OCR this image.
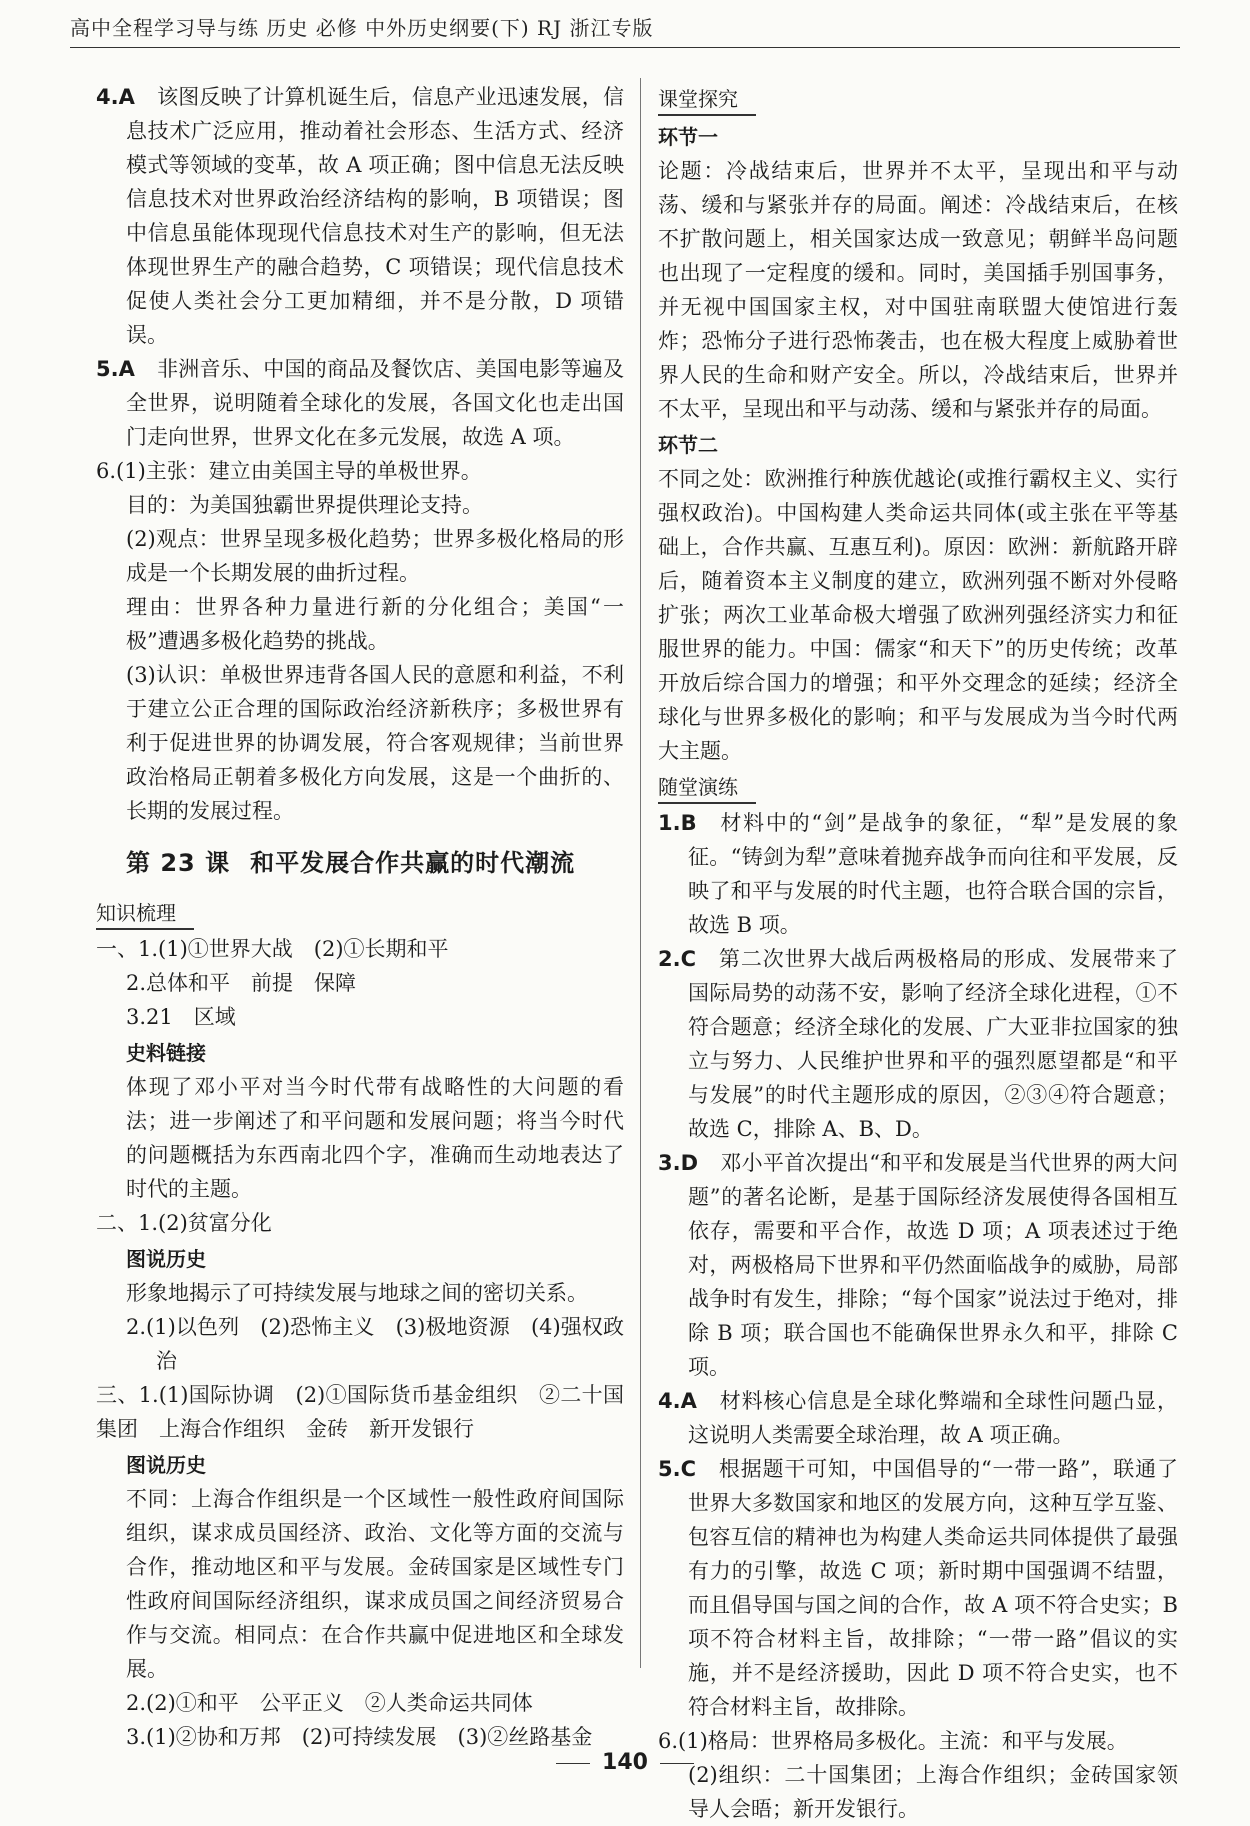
高中全程学习导与练 历史 必修 中外历史纲要(下) RJ 浙江专版

4.A 该图反映了计算机诞生后，信息产业迅速发展，信息技术广泛应用，推动着社会形态、生活方式、经济模式等领域的变革，故 A 项正确；图中信息无法反映信息技术对世界政治经济结构的影响，B 项错误；图中信息虽能体现现代信息技术对生产的影响，但无法体现世界生产的融合趋势，C 项错误；现代信息技术促使人类社会分工更加精细，并不是分散，D 项错误。

5.A 非洲音乐、中国的商品及餐饮店、美国电影等遍及全世界，说明随着全球化的发展，各国文化也走出国门走向世界，世界文化在多元发展，故选 A 项。

6.(1)主张：建立由美国主导的单极世界。

目的：为美国独霸世界提供理论支持。

(2)观点：世界呈现多极化趋势；世界多极化格局的形成是一个长期发展的曲折过程。

理由：世界各种力量进行新的分化组合；美国“一极”遭遇多极化趋势的挑战。

(3)认识：单极世界违背各国人民的意愿和利益，不利于建立公正合理的国际政治经济新秩序；多极世界有利于促进世界的协调发展，符合客观规律；当前世界政治格局正朝着多极化方向发展，这是一个曲折的、长期的发展过程。

第 23 课 和平发展合作共赢的时代潮流
知识梳理

一、1.(1)①世界大战　(2)①长期和平

2.总体和平　前提　保障

3.21　区域

史料链接

体现了邓小平对当今时代带有战略性的大问题的看法；进一步阐述了和平问题和发展问题；将当今时代的问题概括为东西南北四个字，准确而生动地表达了时代的主题。

二、1.(2)贫富分化

图说历史

形象地揭示了可持续发展与地球之间的密切关系。

2.(1)以色列　(2)恐怖主义　(3)极地资源　(4)强权政治

三、1.(1)国际协调　(2)①国际货币基金组织　②二十国集团　上海合作组织　金砖　新开发银行

图说历史

不同：上海合作组织是一个区域性一般性政府间国际组织，谋求成员国经济、政治、文化等方面的交流与合作，推动地区和平与发展。金砖国家是区域性专门性政府间国际经济组织，谋求成员国之间经济贸易合作与交流。相同点：在合作共赢中促进地区和全球发展。

2.(2)①和平　公平正义　②人类命运共同体

3.(1)②协和万邦　(2)可持续发展　(3)②丝路基金

课堂探究

环节一

论题：冷战结束后，世界并不太平，呈现出和平与动荡、缓和与紧张并存的局面。阐述：冷战结束后，在核不扩散问题上，相关国家达成一致意见；朝鲜半岛问题也出现了一定程度的缓和。同时，美国插手别国事务，并无视中国国家主权，对中国驻南联盟大使馆进行轰炸；恐怖分子进行恐怖袭击，也在极大程度上威胁着世界人民的生命和财产安全。所以，冷战结束后，世界并不太平，呈现出和平与动荡、缓和与紧张并存的局面。

环节二

不同之处：欧洲推行种族优越论(或推行霸权主义、实行强权政治)。中国构建人类命运共同体(或主张在平等基础上，合作共赢、互惠互利)。原因：欧洲：新航路开辟后，随着资本主义制度的建立，欧洲列强不断对外侵略扩张；两次工业革命极大增强了欧洲列强经济实力和征服世界的能力。中国：儒家“和天下”的历史传统；改革开放后综合国力的增强；和平外交理念的延续；经济全球化与世界多极化的影响；和平与发展成为当今时代两大主题。

随堂演练

1.B 材料中的“剑”是战争的象征，“犁”是发展的象征。“铸剑为犁”意味着抛弃战争而向往和平发展，反映了和平与发展的时代主题，也符合联合国的宗旨，故选 B 项。

2.C 第二次世界大战后两极格局的形成、发展带来了国际局势的动荡不安，影响了经济全球化进程，①不符合题意；经济全球化的发展、广大亚非拉国家的独立与努力、人民维护世界和平的强烈愿望都是“和平与发展”的时代主题形成的原因，②③④符合题意；故选 C，排除 A、B、D。

3.D 邓小平首次提出“和平和发展是当代世界的两大问题”的著名论断，是基于国际经济发展使得各国相互依存，需要和平合作，故选 D 项；A 项表述过于绝对，两极格局下世界和平仍然面临战争的威胁，局部战争时有发生，排除；“每个国家”说法过于绝对，排除 B 项；联合国也不能确保世界永久和平，排除 C 项。

4.A 材料核心信息是全球化弊端和全球性问题凸显，这说明人类需要全球治理，故 A 项正确。

5.C 根据题干可知，中国倡导的“一带一路”，联通了世界大多数国家和地区的发展方向，这种互学互鉴、包容互信的精神也为构建人类命运共同体提供了最强有力的引擎，故选 C 项；新时期中国强调不结盟，而且倡导国与国之间的合作，故 A 项不符合史实；B 项不符合材料主旨，故排除；“一带一路”倡议的实施，并不是经济援助，因此 D 项不符合史实，也不符合材料主旨，故排除。

6.(1)格局：世界格局多极化。主流：和平与发展。

(2)组织：二十国集团；上海合作组织；金砖国家领导人会晤；新开发银行。

140
